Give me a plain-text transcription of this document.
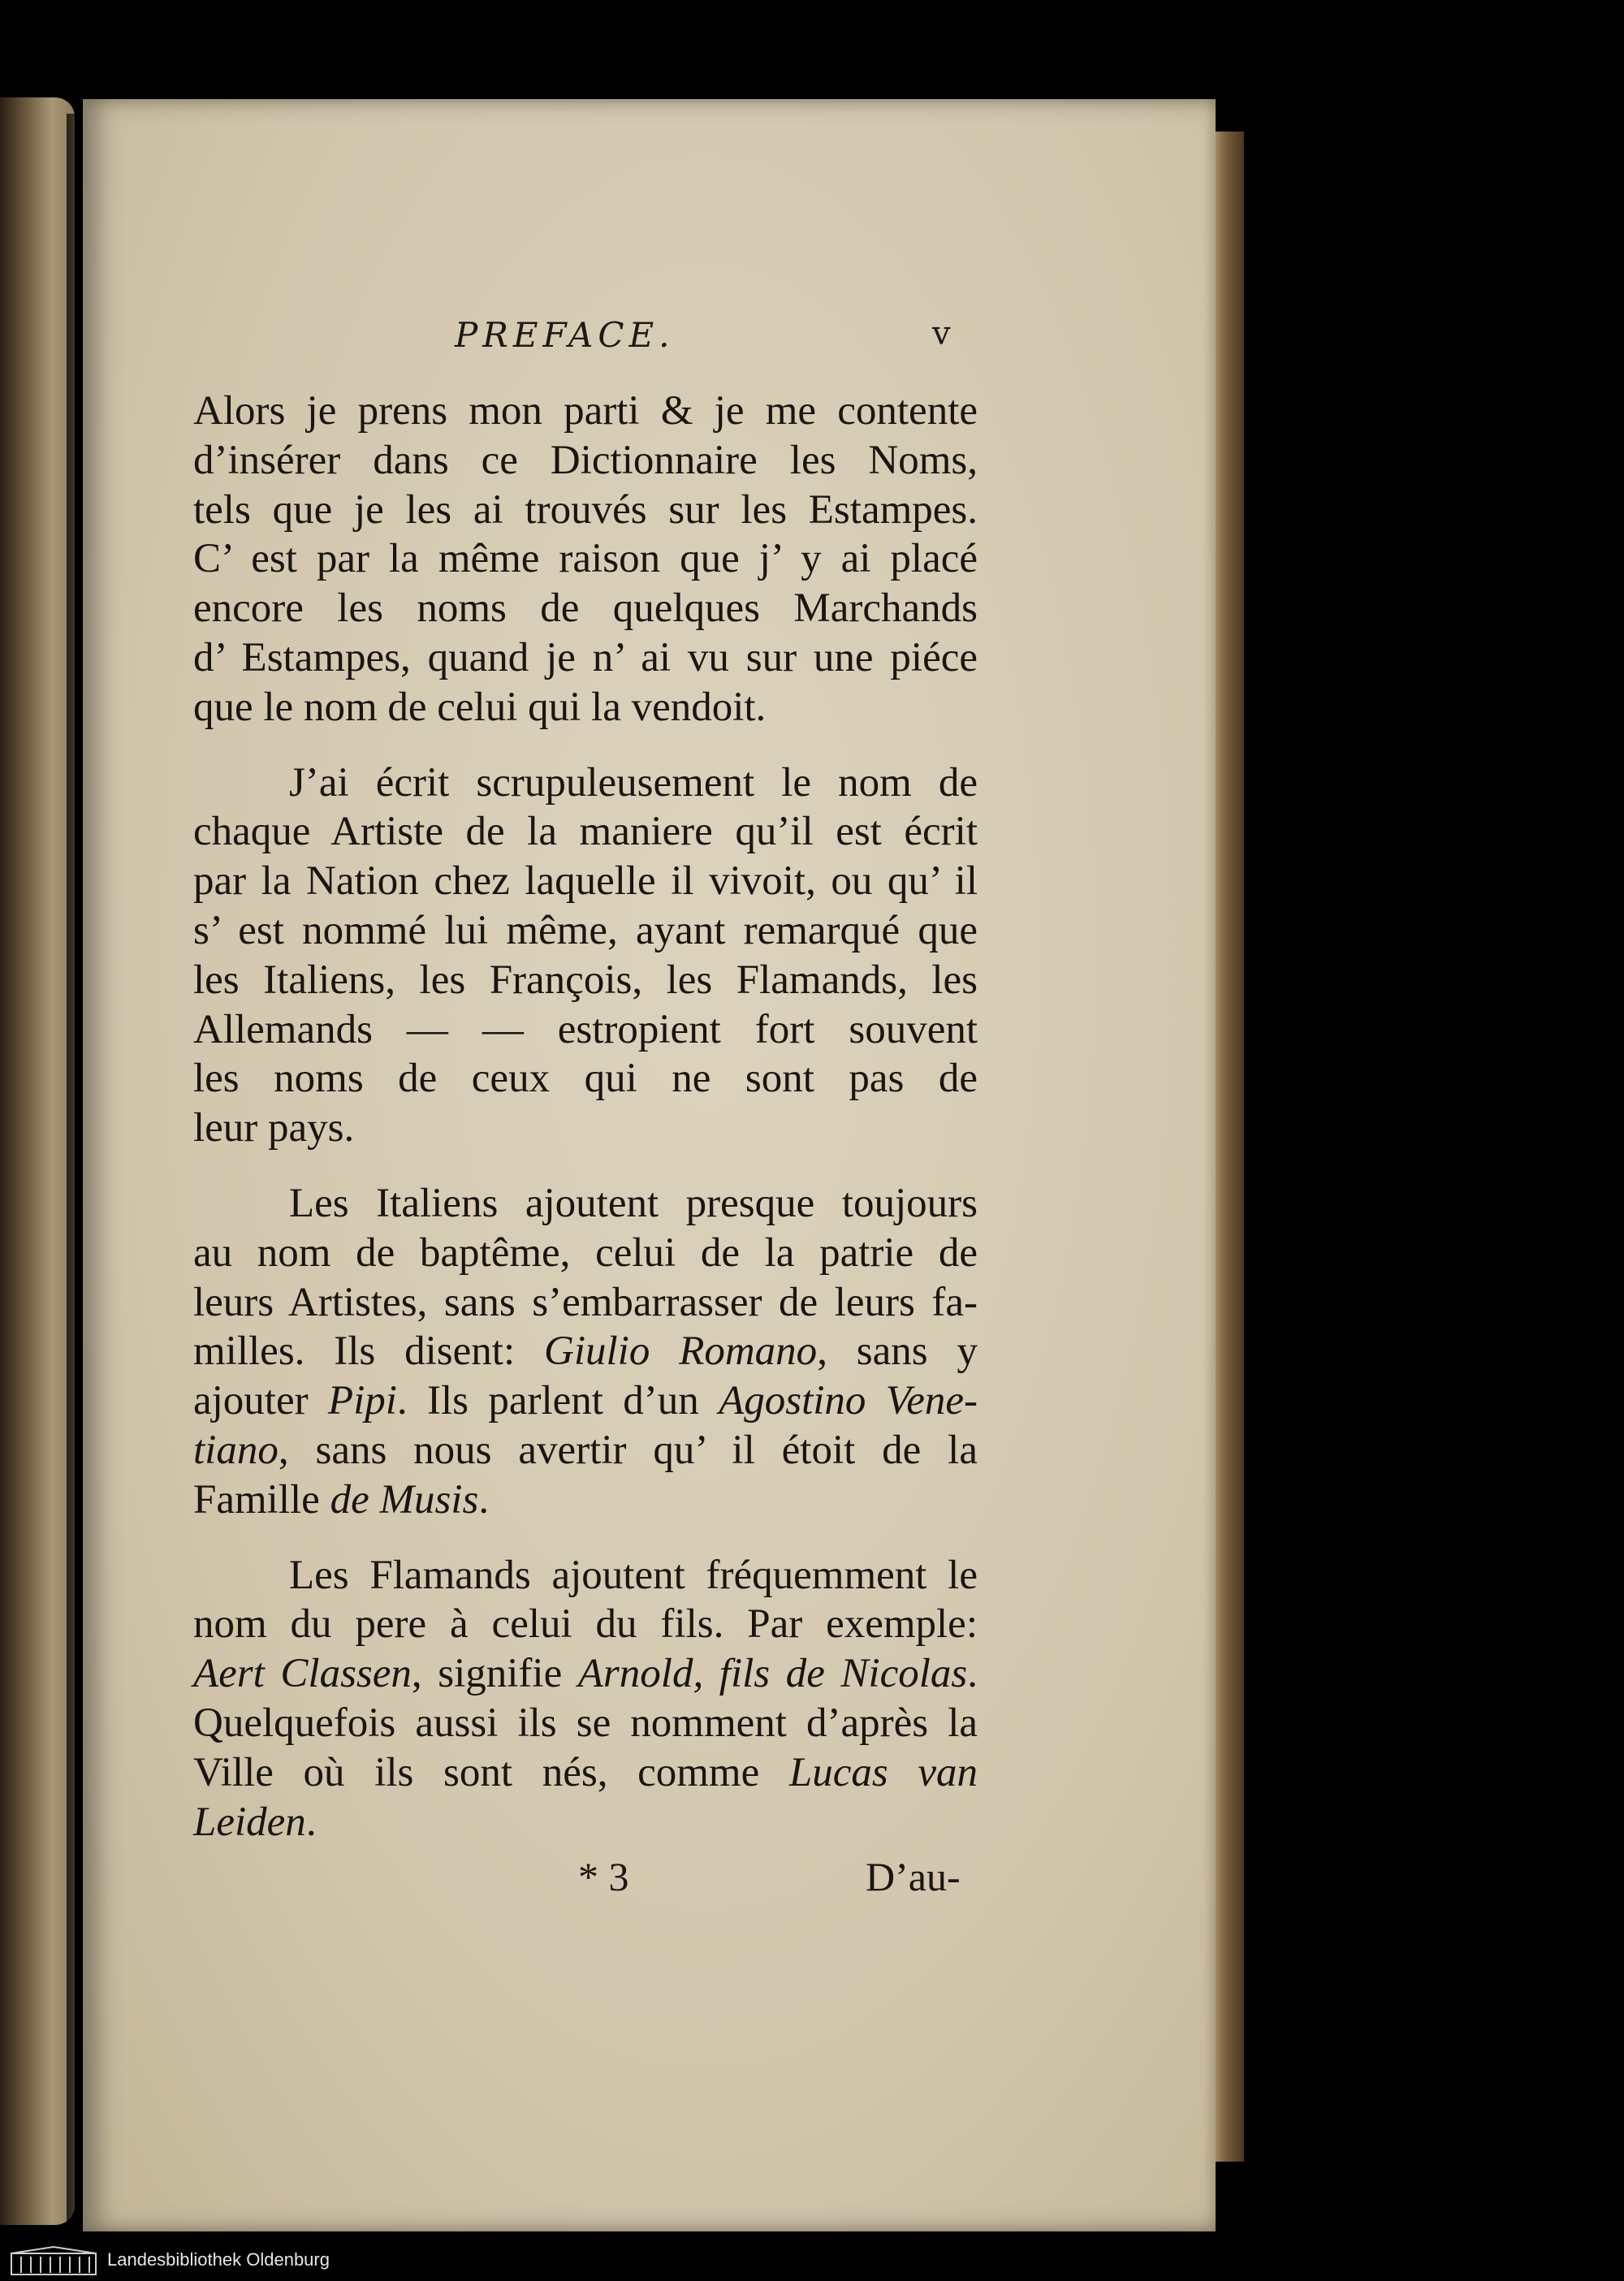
PREFACE.	v

Alors je prens mon parti & je me contente
d’insérer dans ce Dictionnaire les Noms,
tels que je les ai trouvés sur les Estampes.
C’ est par la même raison que j’ y ai placé
encore les noms de quelques Marchands
d’ Estampes, quand je n’ ai vu sur une piéce
que le nom de celui qui la vendoit.

J’ai écrit scrupuleusement le nom de
chaque Artiste de la maniere qu’il est écrit
par la Nation chez laquelle il vivoit, ou qu’ il
s’ est nommé lui même, ayant remarqué que
les Italiens, les François, les Flamands, les
Allemands — — estropient fort souvent
les noms de ceux qui ne sont pas de
leur pays.

Les Italiens ajoutent presque toujours
au nom de baptême, celui de la patrie de
leurs Artistes, sans s’embarrasser de leurs fa-
milles. Ils disent: Giulio Romano, sans y
ajouter Pipi. Ils parlent d’un Agostino Vene-
tiano, sans nous avertir qu’ il étoit de la
Famille de Musis.

Les Flamands ajoutent fréquemment le
nom du pere à celui du fils. Par exemple:
Aert Classen, signifie Arnold, fils de Nicolas.
Quelquefois aussi ils se nomment d’après la
Ville où ils sont nés, comme Lucas van
Leiden.

* 3	D’au-
Landesbibliothek Oldenburg
